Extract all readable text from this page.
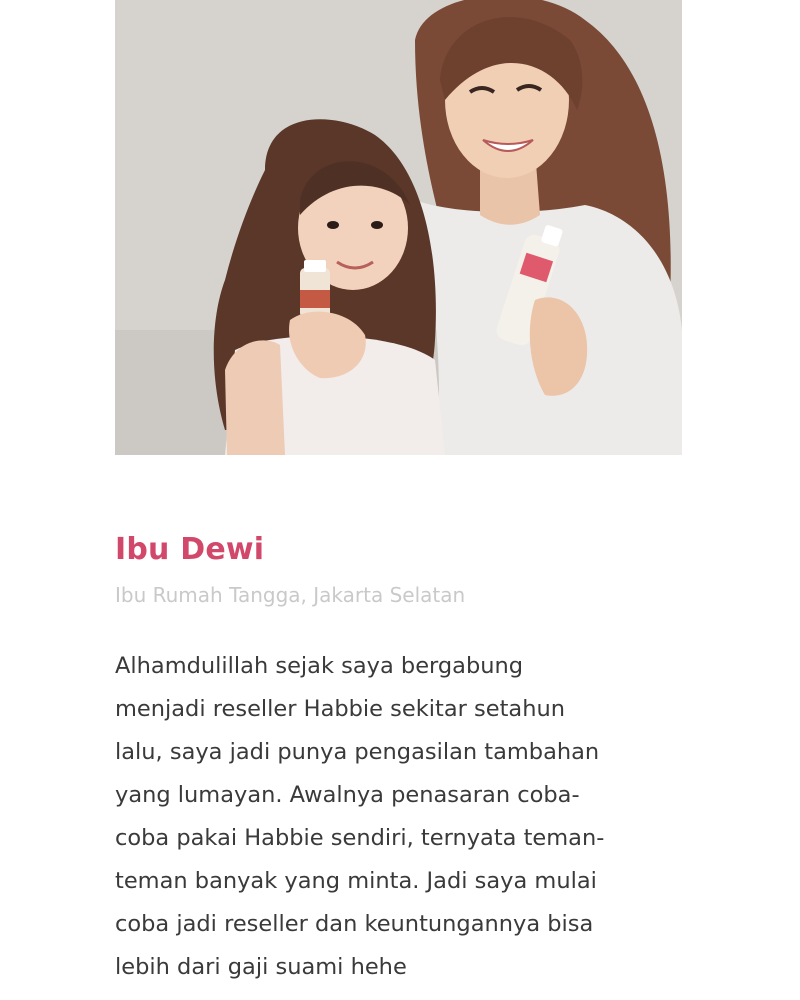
Ibu Dewi

Ibu Rumah Tangga, Jakarta Selatan

Alhamdulillah sejak saya bergabung
menjadi reseller Habbie sekitar setahun
lalu, saya jadi punya pengasilan tambahan
yang lumayan. Awalnya penasaran coba-
coba pakai Habbie sendiri, ternyata teman-
teman banyak yang minta. Jadi saya mulai
coba jadi reseller dan keuntungannya bisa
lebih dari gaji suami hehe
